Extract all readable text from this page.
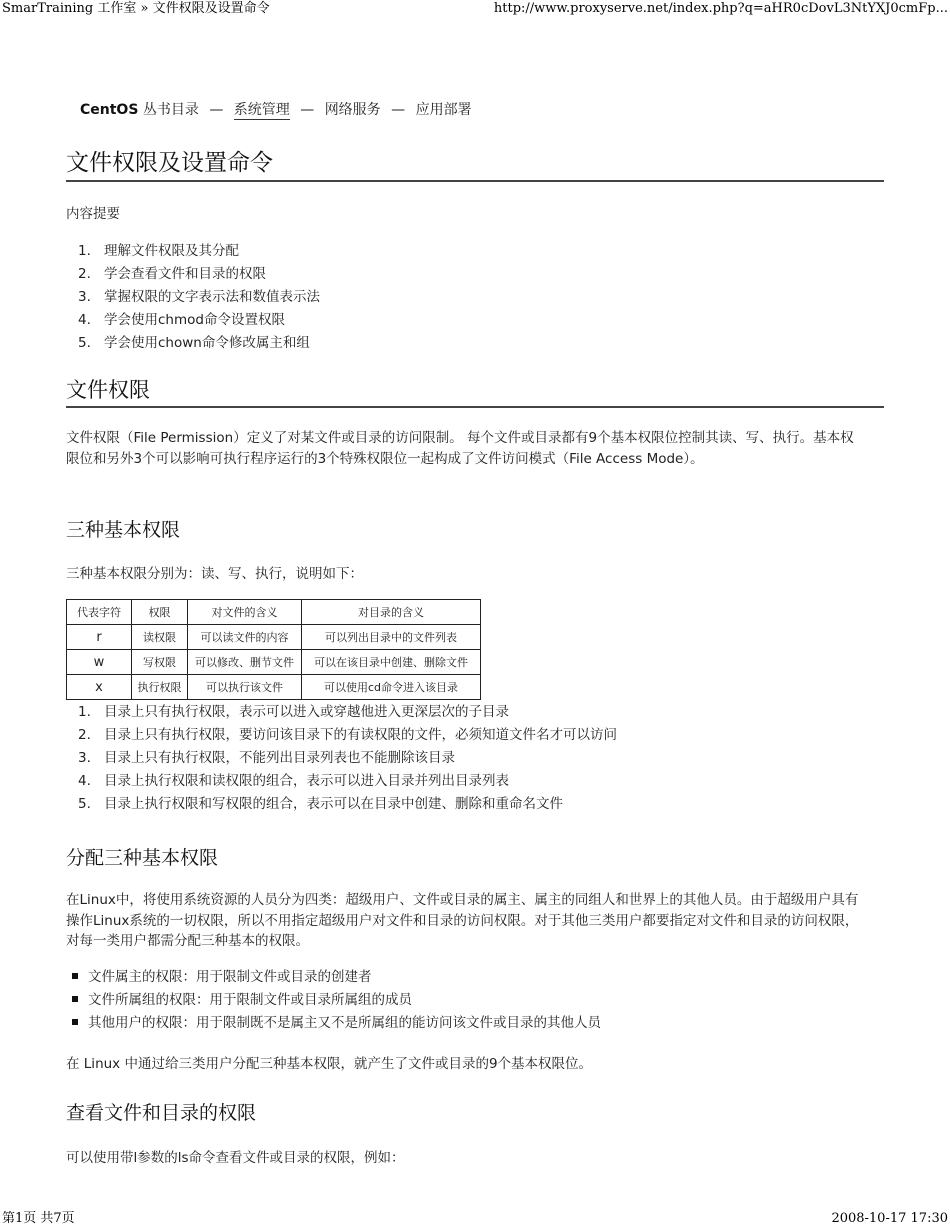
SmarTraining 工作室 » 文件权限及设置命令	http://www.proxyserve.net/index.php?q=aHR0cDovL3NtYXJ0cmFp...
CentOS 丛书目录 — 系统管理 — 网络服务 — 应用部署
文件权限及设置命令
内容提要
1. 理解文件权限及其分配
2. 学会查看文件和目录的权限
3. 掌握权限的文字表示法和数值表示法
4. 学会使用chmod命令设置权限
5. 学会使用chown命令修改属主和组
文件权限
文件权限（File Permission）定义了对某文件或目录的访问限制。 每个文件或目录都有9个基本权限位控制其读、写、执行。基本权限位和另外3个可以影响可执行程序运行的3个特殊权限位一起构成了文件访问模式（File Access Mode）。
三种基本权限
三种基本权限分别为：读、写、执行，说明如下：
代表字符	权限	对文件的含义	对目录的含义
r	读权限	可以读文件的内容	可以列出目录中的文件列表
w	写权限	可以修改、删节文件	可以在该目录中创建、删除文件
x	执行权限	可以执行该文件	可以使用cd命令进入该目录
1. 目录上只有执行权限，表示可以进入或穿越他进入更深层次的子目录
2. 目录上只有执行权限，要访问该目录下的有读权限的文件，必须知道文件名才可以访问
3. 目录上只有执行权限，不能列出目录列表也不能删除该目录
4. 目录上执行权限和读权限的组合，表示可以进入目录并列出目录列表
5. 目录上执行权限和写权限的组合，表示可以在目录中创建、删除和重命名文件
分配三种基本权限
在Linux中，将使用系统资源的人员分为四类：超级用户、文件或目录的属主、属主的同组人和世界上的其他人员。由于超级用户具有操作Linux系统的一切权限，所以不用指定超级用户对文件和目录的访问权限。对于其他三类用户都要指定对文件和目录的访问权限，对每一类用户都需分配三种基本的权限。
文件属主的权限：用于限制文件或目录的创建者
文件所属组的权限：用于限制文件或目录所属组的成员
其他用户的权限：用于限制既不是属主又不是所属组的能访问该文件或目录的其他人员
在 Linux 中通过给三类用户分配三种基本权限，就产生了文件或目录的9个基本权限位。
查看文件和目录的权限
可以使用带l参数的ls命令查看文件或目录的权限，例如：
第1页 共7页	2008-10-17 17:30
